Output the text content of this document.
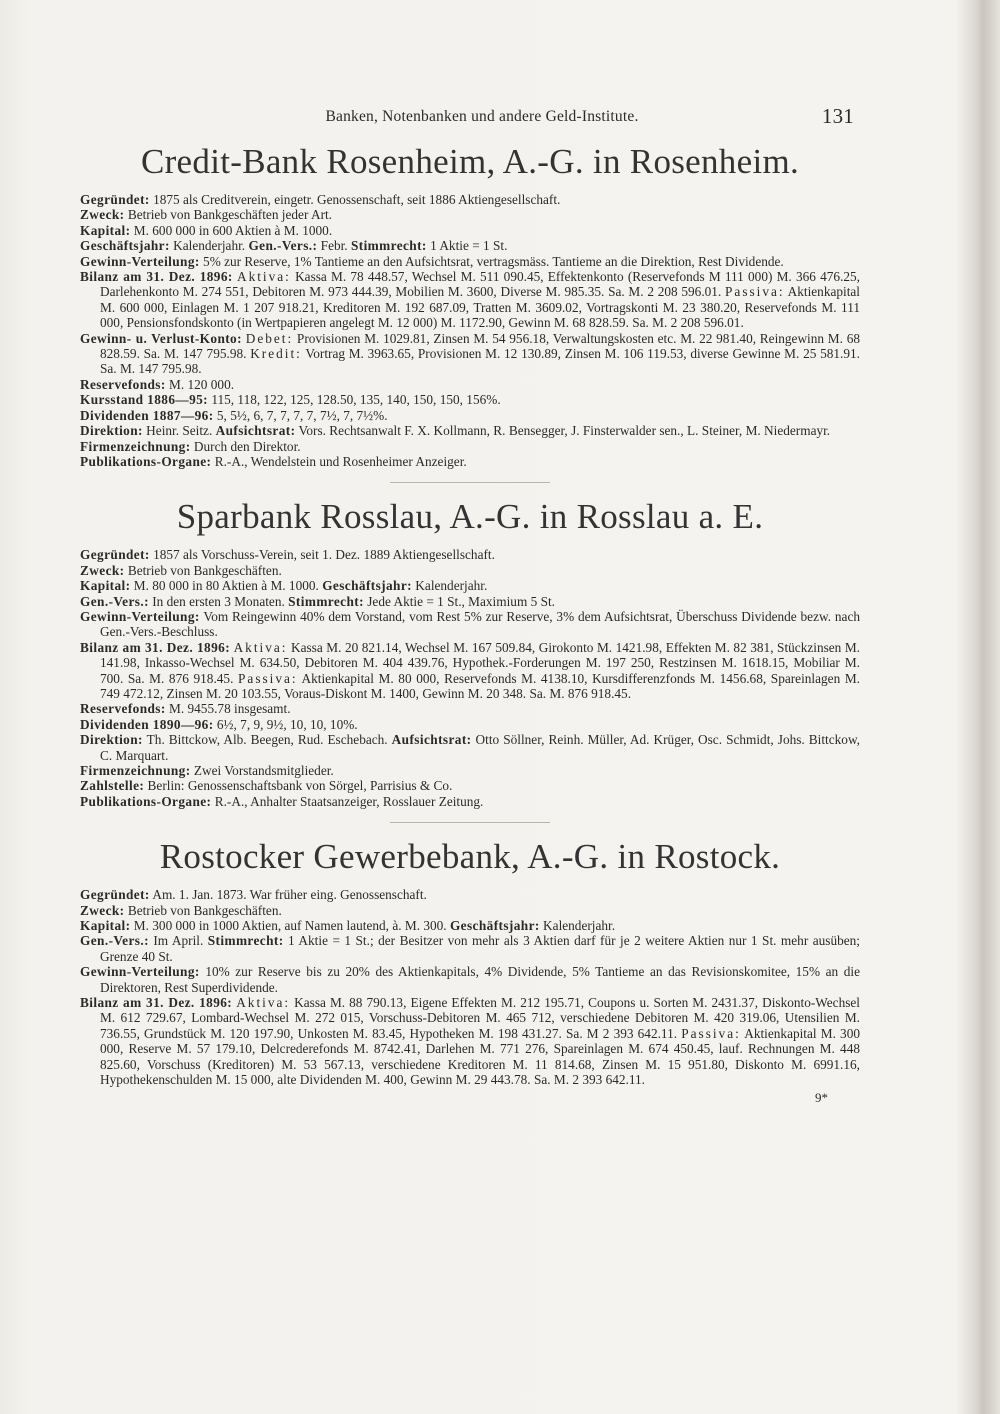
Banken, Notenbanken und andere Geld-Institute.	131
Credit-Bank Rosenheim, A.-G. in Rosenheim.

Gegründet: 1875 als Creditverein, eingetr. Genossenschaft, seit 1886 Aktiengesellschaft.

Zweck: Betrieb von Bankgeschäften jeder Art.

Kapital: M. 600 000 in 600 Aktien à M. 1000.

Geschäftsjahr: Kalenderjahr. Gen.-Vers.: Febr. Stimmrecht: 1 Aktie = 1 St.

Gewinn-Verteilung: 5% zur Reserve, 1% Tantieme an den Aufsichtsrat, vertragsmäss. Tantieme an die Direktion, Rest Dividende.

Bilanz am 31. Dez. 1896: Aktiva: Kassa M. 78 448.57, Wechsel M. 511 090.45, Effektenkonto (Reservefonds M 111 000) M. 366 476.25, Darlehenkonto M. 274 551, Debitoren M. 973 444.39, Mobilien M. 3600, Diverse M. 985.35. Sa. M. 2 208 596.01. Passiva: Aktienkapital M. 600 000, Einlagen M. 1 207 918.21, Kreditoren M. 192 687.09, Tratten M. 3609.02, Vortragskonti M. 23 380.20, Reservefonds M. 111 000, Pensionsfondskonto (in Wertpapieren angelegt M. 12 000) M. 1172.90, Gewinn M. 68 828.59. Sa. M. 2 208 596.01.

Gewinn- u. Verlust-Konto: Debet: Provisionen M. 1029.81, Zinsen M. 54 956.18, Verwaltungskosten etc. M. 22 981.40, Reingewinn M. 68 828.59. Sa. M. 147 795.98. Kredit: Vortrag M. 3963.65, Provisionen M. 12 130.89, Zinsen M. 106 119.53, diverse Gewinne M. 25 581.91. Sa. M. 147 795.98.

Reservefonds: M. 120 000.

Kursstand 1886—95: 115, 118, 122, 125, 128.50, 135, 140, 150, 150, 156%.

Dividenden 1887—96: 5, 5½, 6, 7, 7, 7, 7, 7½, 7, 7½%.

Direktion: Heinr. Seitz. Aufsichtsrat: Vors. Rechtsanwalt F. X. Kollmann, R. Bensegger, J. Finsterwalder sen., L. Steiner, M. Niedermayr.

Firmenzeichnung: Durch den Direktor.

Publikations-Organe: R.-A., Wendelstein und Rosenheimer Anzeiger.

Sparbank Rosslau, A.-G. in Rosslau a. E.

Gegründet: 1857 als Vorschuss-Verein, seit 1. Dez. 1889 Aktiengesellschaft.

Zweck: Betrieb von Bankgeschäften.

Kapital: M. 80 000 in 80 Aktien à M. 1000. Geschäftsjahr: Kalenderjahr.

Gen.-Vers.: In den ersten 3 Monaten. Stimmrecht: Jede Aktie = 1 St., Maximium 5 St.

Gewinn-Verteilung: Vom Reingewinn 40% dem Vorstand, vom Rest 5% zur Reserve, 3% dem Aufsichtsrat, Überschuss Dividende bezw. nach Gen.-Vers.-Beschluss.

Bilanz am 31. Dez. 1896: Aktiva: Kassa M. 20 821.14, Wechsel M. 167 509.84, Girokonto M. 1421.98, Effekten M. 82 381, Stückzinsen M. 141.98, Inkasso-Wechsel M. 634.50, Debitoren M. 404 439.76, Hypothek.-Forderungen M. 197 250, Restzinsen M. 1618.15, Mobiliar M. 700. Sa. M. 876 918.45. Passiva: Aktienkapital M. 80 000, Reservefonds M. 4138.10, Kursdifferenzfonds M. 1456.68, Spareinlagen M. 749 472.12, Zinsen M. 20 103.55, Voraus-Diskont M. 1400, Gewinn M. 20 348. Sa. M. 876 918.45.

Reservefonds: M. 9455.78 insgesamt.

Dividenden 1890—96: 6½, 7, 9, 9½, 10, 10, 10%.

Direktion: Th. Bittckow, Alb. Beegen, Rud. Eschebach. Aufsichtsrat: Otto Söllner, Reinh. Müller, Ad. Krüger, Osc. Schmidt, Johs. Bittckow, C. Marquart.

Firmenzeichnung: Zwei Vorstandsmitglieder.

Zahlstelle: Berlin: Genossenschaftsbank von Sörgel, Parrisius & Co.

Publikations-Organe: R.-A., Anhalter Staatsanzeiger, Rosslauer Zeitung.

Rostocker Gewerbebank, A.-G. in Rostock.

Gegründet: Am. 1. Jan. 1873. War früher eing. Genossenschaft.

Zweck: Betrieb von Bankgeschäften.

Kapital: M. 300 000 in 1000 Aktien, auf Namen lautend, à. M. 300. Geschäftsjahr: Kalenderjahr.

Gen.-Vers.: Im April. Stimmrecht: 1 Aktie = 1 St.; der Besitzer von mehr als 3 Aktien darf für je 2 weitere Aktien nur 1 St. mehr ausüben; Grenze 40 St.

Gewinn-Verteilung: 10% zur Reserve bis zu 20% des Aktienkapitals, 4% Dividende, 5% Tantieme an das Revisionskomitee, 15% an die Direktoren, Rest Superdividende.

Bilanz am 31. Dez. 1896: Aktiva: Kassa M. 88 790.13, Eigene Effekten M. 212 195.71, Coupons u. Sorten M. 2431.37, Diskonto-Wechsel M. 612 729.67, Lombard-Wechsel M. 272 015, Vorschuss-Debitoren M. 465 712, verschiedene Debitoren M. 420 319.06, Utensilien M. 736.55, Grundstück M. 120 197.90, Unkosten M. 83.45, Hypotheken M. 198 431.27. Sa. M 2 393 642.11. Passiva: Aktienkapital M. 300 000, Reserve M. 57 179.10, Delcrederefonds M. 8742.41, Darlehen M. 771 276, Spareinlagen M. 674 450.45, lauf. Rechnungen M. 448 825.60, Vorschuss (Kreditoren) M. 53 567.13, verschiedene Kreditoren M. 11 814.68, Zinsen M. 15 951.80, Diskonto M. 6991.16, Hypothekenschulden M. 15 000, alte Dividenden M. 400, Gewinn M. 29 443.78. Sa. M. 2 393 642.11.

9*
